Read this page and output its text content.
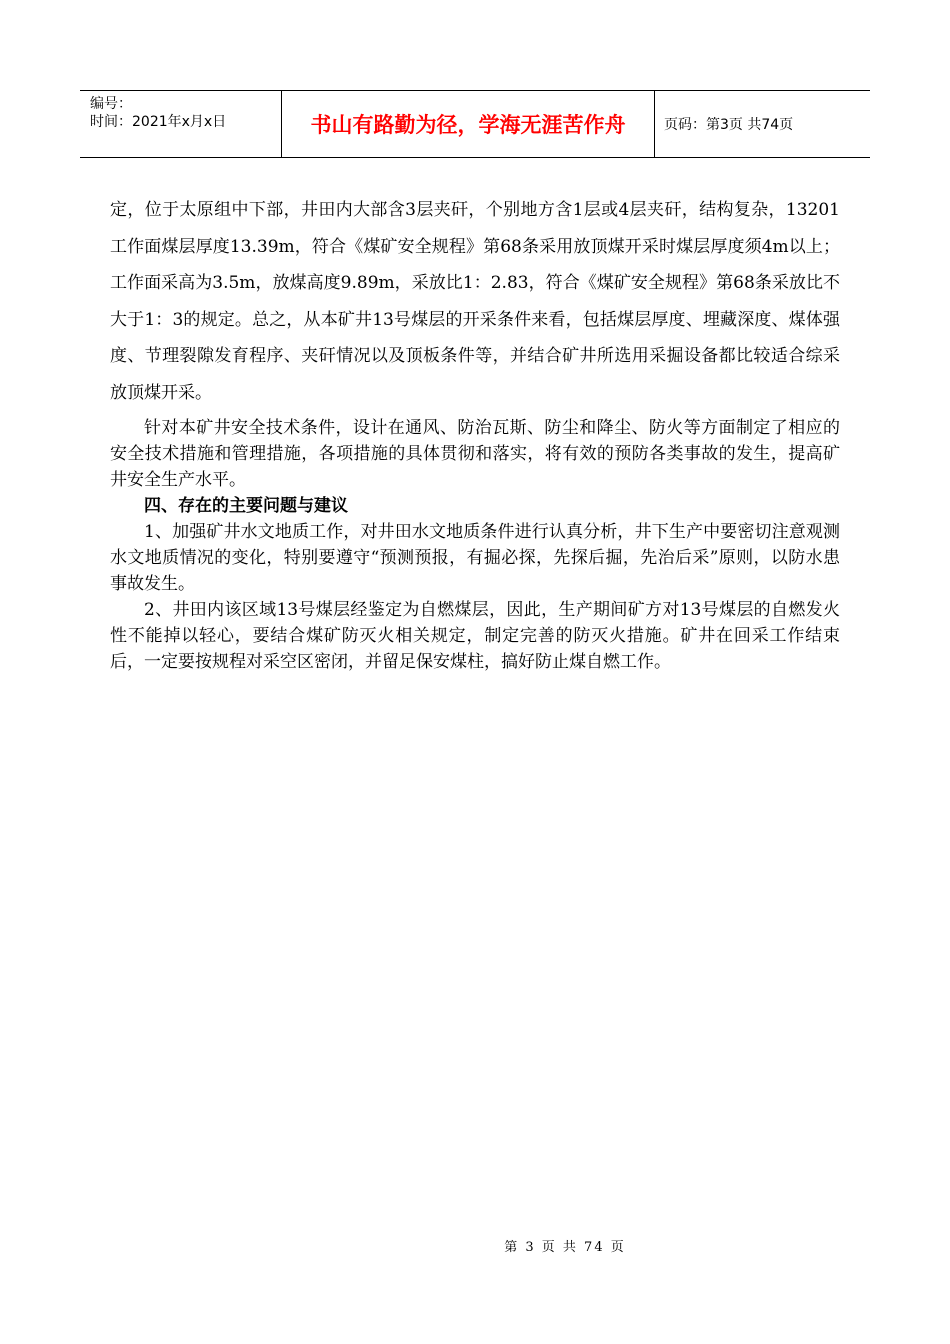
编号：
时间：2021年x月x日	书山有路勤为径，学海无涯苦作舟	页码：第3页 共74页

定，位于太原组中下部，井田内大部含3层夹矸，个别地方含1层或4层夹矸，结构复杂，13201工作面煤层厚度13.39m，符合《煤矿安全规程》第68条采用放顶煤开采时煤层厚度须4m以上；工作面采高为3.5m，放煤高度9.89m，采放比1：2.83，符合《煤矿安全规程》第68条采放比不大于1：3的规定。总之，从本矿井13号煤层的开采条件来看，包括煤层厚度、埋藏深度、煤体强度、节理裂隙发育程序、夹矸情况以及顶板条件等，并结合矿井所选用采掘设备都比较适合综采放顶煤开采。

针对本矿井安全技术条件，设计在通风、防治瓦斯、防尘和降尘、防火等方面制定了相应的安全技术措施和管理措施，各项措施的具体贯彻和落实，将有效的预防各类事故的发生，提高矿井安全生产水平。

四、存在的主要问题与建议

1、加强矿井水文地质工作，对井田水文地质条件进行认真分析，井下生产中要密切注意观测水文地质情况的变化，特别要遵守“预测预报，有掘必探，先探后掘，先治后采”原则，以防水患事故发生。

2、井田内该区域13号煤层经鉴定为自燃煤层，因此，生产期间矿方对13号煤层的自燃发火性不能掉以轻心，要结合煤矿防灭火相关规定，制定完善的防灭火措施。矿井在回采工作结束后，一定要按规程对采空区密闭，并留足保安煤柱，搞好防止煤自燃工作。

第 3 页 共 74 页
